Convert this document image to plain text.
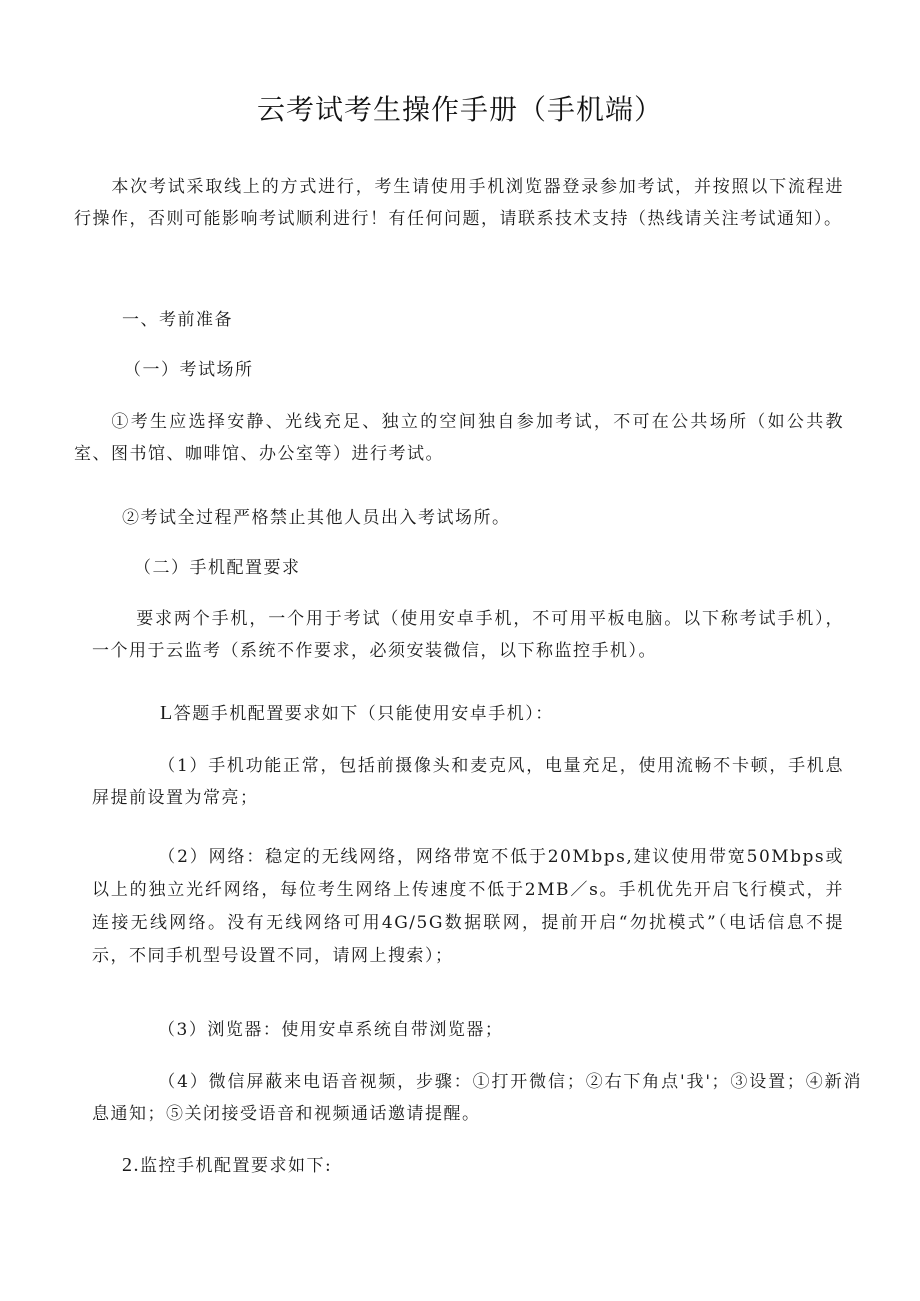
云考试考生操作手册（手机端）

本次考试采取线上的方式进行，考生请使用手机浏览器登录参加考试，并按照以下流程进行操作，否则可能影响考试顺利进行！有任何问题，请联系技术支持（热线请关注考试通知）。

一、考前准备

（一）考试场所

①考生应选择安静、光线充足、独立的空间独自参加考试，不可在公共场所（如公共教室、图书馆、咖啡馆、办公室等）进行考试。

②考试全过程严格禁止其他人员出入考试场所。

（二）手机配置要求

要求两个手机，一个用于考试（使用安卓手机，不可用平板电脑。以下称考试手机），一个用于云监考（系统不作要求，必须安装微信，以下称监控手机）。

L答题手机配置要求如下（只能使用安卓手机）：

（1）手机功能正常，包括前摄像头和麦克风，电量充足，使用流畅不卡顿，手机息屏提前设置为常亮；

（2）网络：稳定的无线网络，网络带宽不低于20Mbps,建议使用带宽50Mbps或以上的独立光纤网络，每位考生网络上传速度不低于2MB／s。手机优先开启飞行模式，并连接无线网络。没有无线网络可用4G/5G数据联网，提前开启“勿扰模式”（电话信息不提示，不同手机型号设置不同，请网上搜索）；

（3）浏览器：使用安卓系统自带浏览器；

（4）微信屏蔽来电语音视频，步骤：①打开微信；②右下角点'我'；③设置；④新消息通知；⑤关闭接受语音和视频通话邀请提醒。

2.监控手机配置要求如下:
